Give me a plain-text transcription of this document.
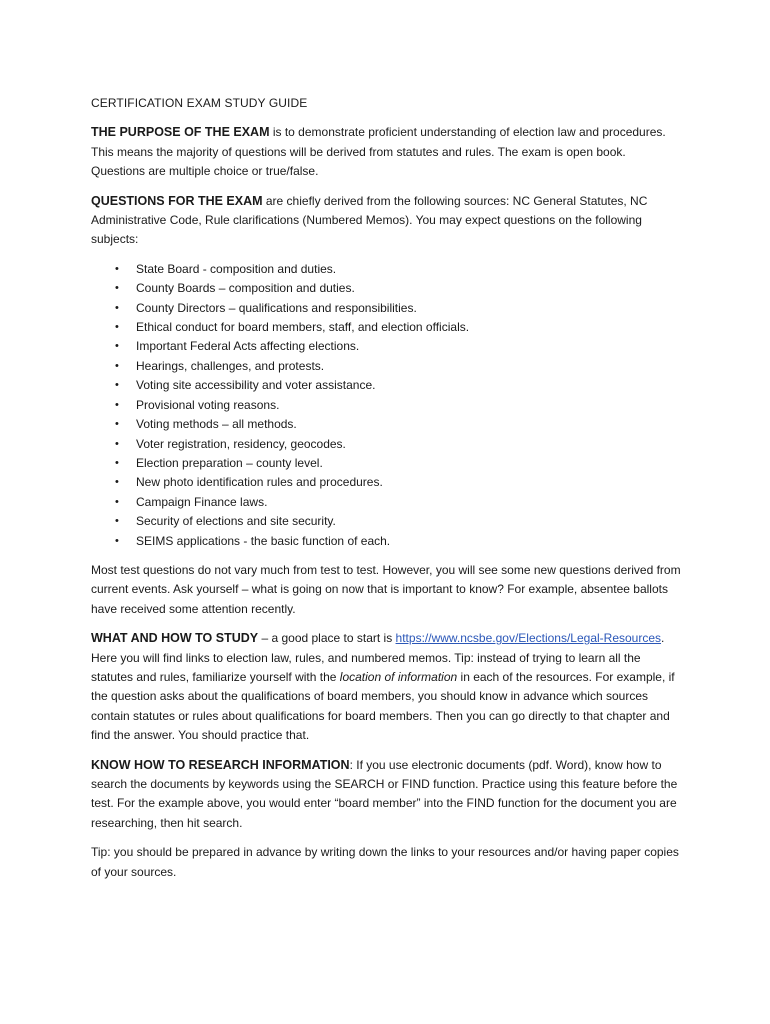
CERTIFICATION EXAM STUDY GUIDE

THE PURPOSE OF THE EXAM is to demonstrate proficient understanding of election law and procedures. This means the majority of questions will be derived from statutes and rules. The exam is open book. Questions are multiple choice or true/false.

QUESTIONS FOR THE EXAM are chiefly derived from the following sources: NC General Statutes, NC Administrative Code, Rule clarifications (Numbered Memos). You may expect questions on the following subjects:

• State Board - composition and duties.
• County Boards – composition and duties.
• County Directors – qualifications and responsibilities.
• Ethical conduct for board members, staff, and election officials.
• Important Federal Acts affecting elections.
• Hearings, challenges, and protests.
• Voting site accessibility and voter assistance.
• Provisional voting reasons.
• Voting methods – all methods.
• Voter registration, residency, geocodes.
• Election preparation – county level.
• New photo identification rules and procedures.
• Campaign Finance laws.
• Security of elections and site security.
• SEIMS applications - the basic function of each.

Most test questions do not vary much from test to test. However, you will see some new questions derived from current events. Ask yourself – what is going on now that is important to know? For example, absentee ballots have received some attention recently.

WHAT AND HOW TO STUDY – a good place to start is https://www.ncsbe.gov/Elections/Legal-Resources. Here you will find links to election law, rules, and numbered memos. Tip: instead of trying to learn all the statutes and rules, familiarize yourself with the location of information in each of the resources. For example, if the question asks about the qualifications of board members, you should know in advance which sources contain statutes or rules about qualifications for board members. Then you can go directly to that chapter and find the answer. You should practice that.

KNOW HOW TO RESEARCH INFORMATION: If you use electronic documents (pdf. Word), know how to search the documents by keywords using the SEARCH or FIND function. Practice using this feature before the test. For the example above, you would enter “board member” into the FIND function for the document you are researching, then hit search.

Tip: you should be prepared in advance by writing down the links to your resources and/or having paper copies of your sources.
